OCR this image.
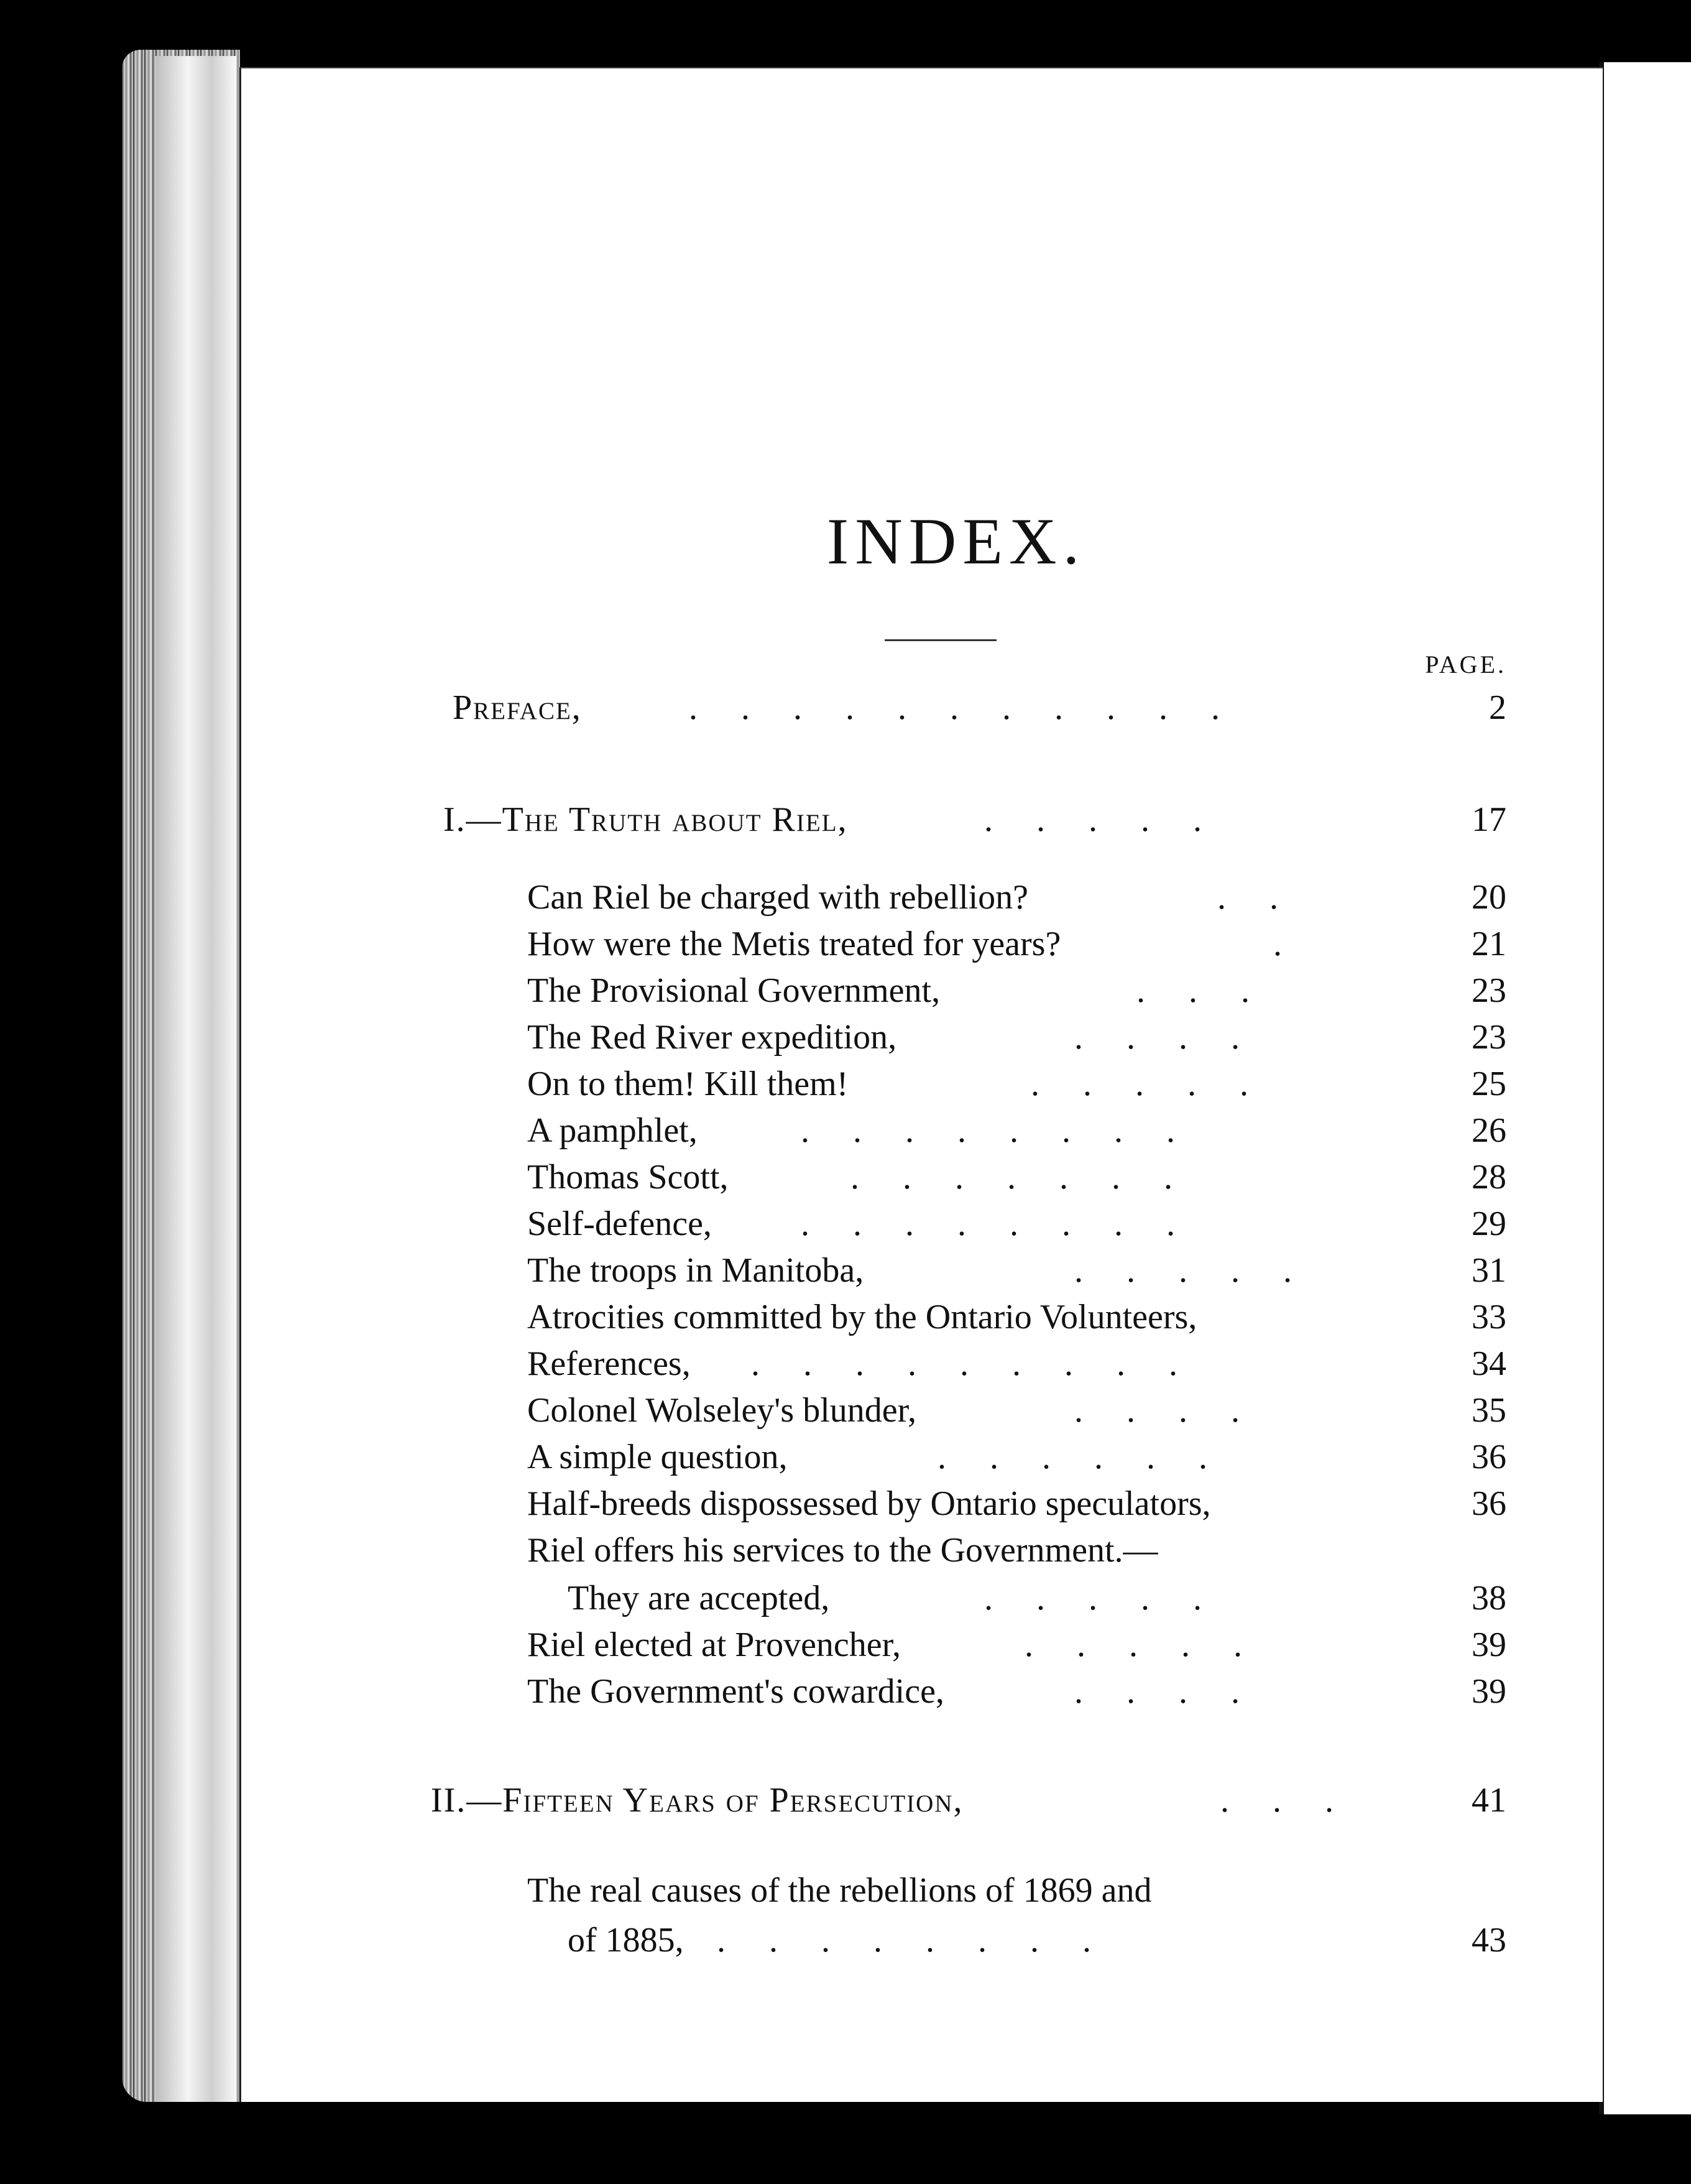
INDEX.
PAGE.
Preface,	.     .     .     .     .     .     .     .     .     .     .	2
I.—The Truth about Riel,	.     .     .     .     .	17
Can Riel be charged with rebellion?	.     .	20
How were the Metis treated for years?	.	21
The Provisional Government,	.     .     .	23
The Red River expedition,	.     .     .     .	23
On to them! Kill them!	.     .     .     .     .	25
A pamphlet,	.     .     .     .     .     .     .     .	26
Thomas Scott,	.     .     .     .     .     .     .	28
Self-defence,	.     .     .     .     .     .     .     .	29
The troops in Manitoba,	.     .     .     .     .	31
Atrocities committed by the Ontario Volunteers,	33
References, .     .     .     .     .     .     .     .     .	34
Colonel Wolseley's blunder,	.     .     .     .	35
A simple question,	.     .     .     .     .     .	36
Half-breeds dispossessed by Ontario speculators,	36
Riel offers his services to the Government.—
They are accepted,	.     .     .     .     .	38
Riel elected at Provencher,	.     .     .     .     .	39
The Government's cowardice,	.     .     .     .	39
II.—Fifteen Years of Persecution,	.     .     .	41
The real causes of the rebellions of 1869 and
of 1885, .     .     .     .     .     .     .     .	43
